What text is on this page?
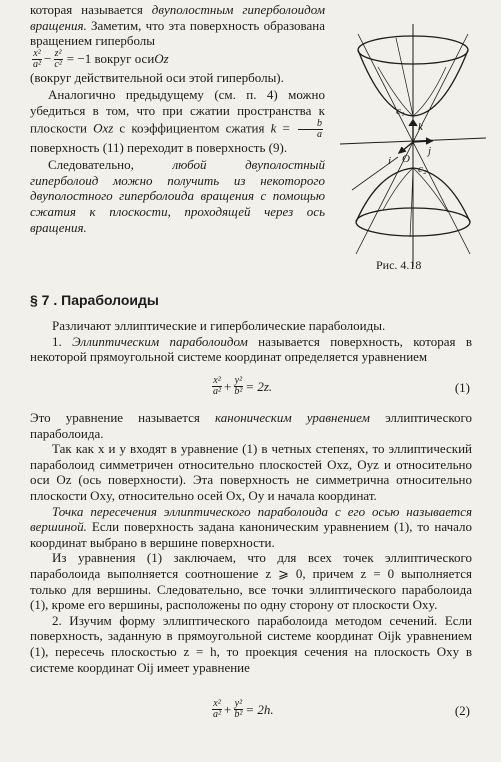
которая называется двуполостным гиперболоидом вращения. Заметим, что эта поверхность образована вращением гиперболы

$\frac{\text{x²}}{\text{a²}} - \frac{\text{z²}}{\text{c²}} = -1$ вокруг оси Oz

(вокруг действительной оси этой гиперболы).

Аналогично предыдущему (см. п. 4) можно убедиться в том, что при сжатии пространства к плоскости Oxz с коэффициентом сжатия $k = \frac{b}{a}$
поверхность (11) переходит в поверхность (9).

Следовательно, любой двуполостный гиперболоид можно получить из некоторого двуполостного гиперболоида вращения с помощью сжатия к плоскости, проходящей через ось вращения.

c₁
k
O
j
i
c₂
Рис. 4.18
§ 7 . Параболоиды

Различают эллиптические и гиперболические параболоиды.

1. Эллиптическим параболоидом называется поверхность, которая в некоторой прямоугольной системе координат определяется уравнением

$\frac{\text{x²}}{\text{a²}} + \frac{\text{y²}}{\text{b²}} = 2z$.	(1)

Это уравнение называется каноническим уравнением эллиптического параболоида.

Так как x и y входят в уравнение (1) в четных степенях, то эллиптический параболоид симметричен относительно плоскостей Oxz, Oyz и относительно оси Oz (ось поверхности). Эта поверхность не симметрична относительно плоскости Oxy, относительно осей Ox, Oy и начала координат.

Точка пересечения эллиптического параболоида с его осью называется вершиной. Если поверхность задана каноническим уравнением (1), то начало координат выбрано в вершине поверхности.

Из уравнения (1) заключаем, что для всех точек эллиптического параболоида выполняется соотношение z ⩾ 0, причем z = 0 выполняется только для вершины. Следовательно, все точки эллиптического параболоида (1), кроме его вершины, расположены по одну сторону от плоскости Oxy.

2. Изучим форму эллиптического параболоида методом сечений. Если поверхность, заданную в прямоугольной системе координат Oijk уравнением (1), пересечь плоскостью z = h, то проекция сечения на плоскость Oxy в системе координат Oij имеет уравнение

$\frac{\text{x²}}{\text{a²}} + \frac{\text{y²}}{\text{b²}} = 2h$.	(2)
